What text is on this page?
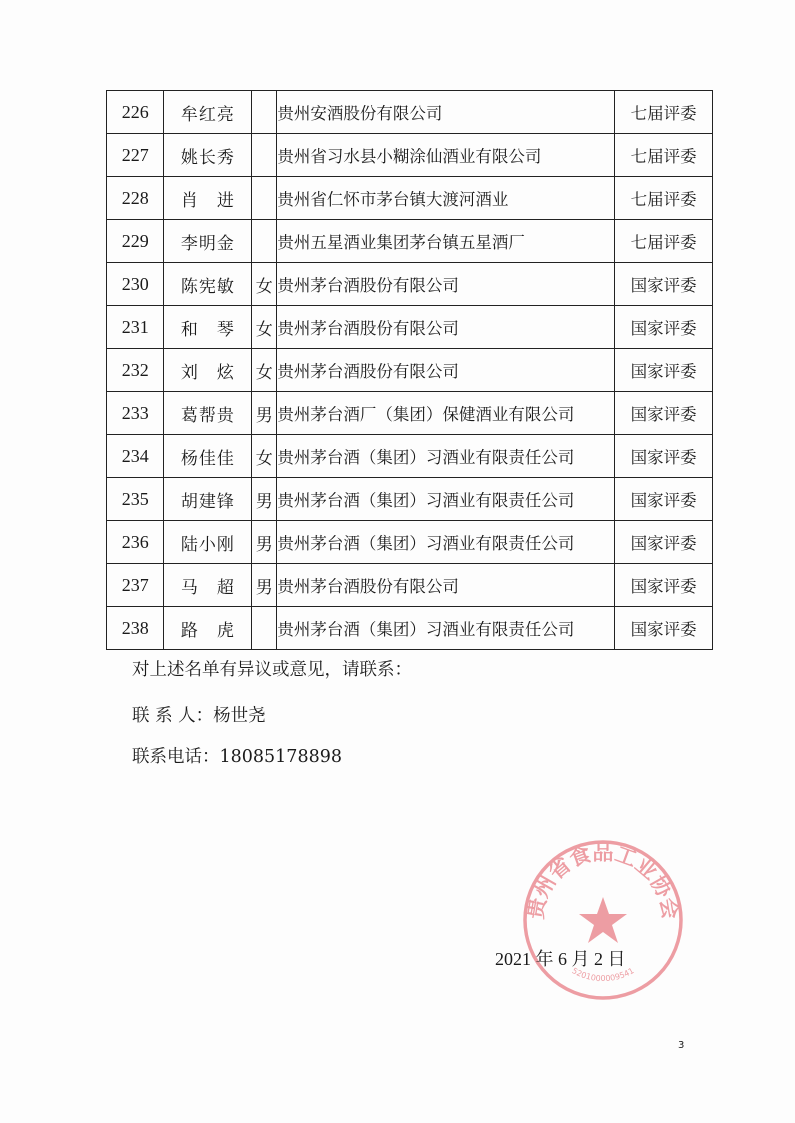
226	牟红亮		贵州安酒股份有限公司	七届评委
227	姚长秀		贵州省习水县小糊涂仙酒业有限公司	七届评委
228	肖　进		贵州省仁怀市茅台镇大渡河酒业	七届评委
229	李明金		贵州五星酒业集团茅台镇五星酒厂	七届评委
230	陈宪敏	女	贵州茅台酒股份有限公司	国家评委
231	和　琴	女	贵州茅台酒股份有限公司	国家评委
232	刘　炫	女	贵州茅台酒股份有限公司	国家评委
233	葛帮贵	男	贵州茅台酒厂（集团）保健酒业有限公司	国家评委
234	杨佳佳	女	贵州茅台酒（集团）习酒业有限责任公司	国家评委
235	胡建锋	男	贵州茅台酒（集团）习酒业有限责任公司	国家评委
236	陆小刚	男	贵州茅台酒（集团）习酒业有限责任公司	国家评委
237	马　超	男	贵州茅台酒股份有限公司	国家评委
238	路　虎		贵州茅台酒（集团）习酒业有限责任公司	国家评委
对上述名单有异议或意见，请联系：
联 系 人：杨世尧
联系电话：18085178898
贵州省食品工业协会
5201000009541
2021 年 6 月 2 日
3
